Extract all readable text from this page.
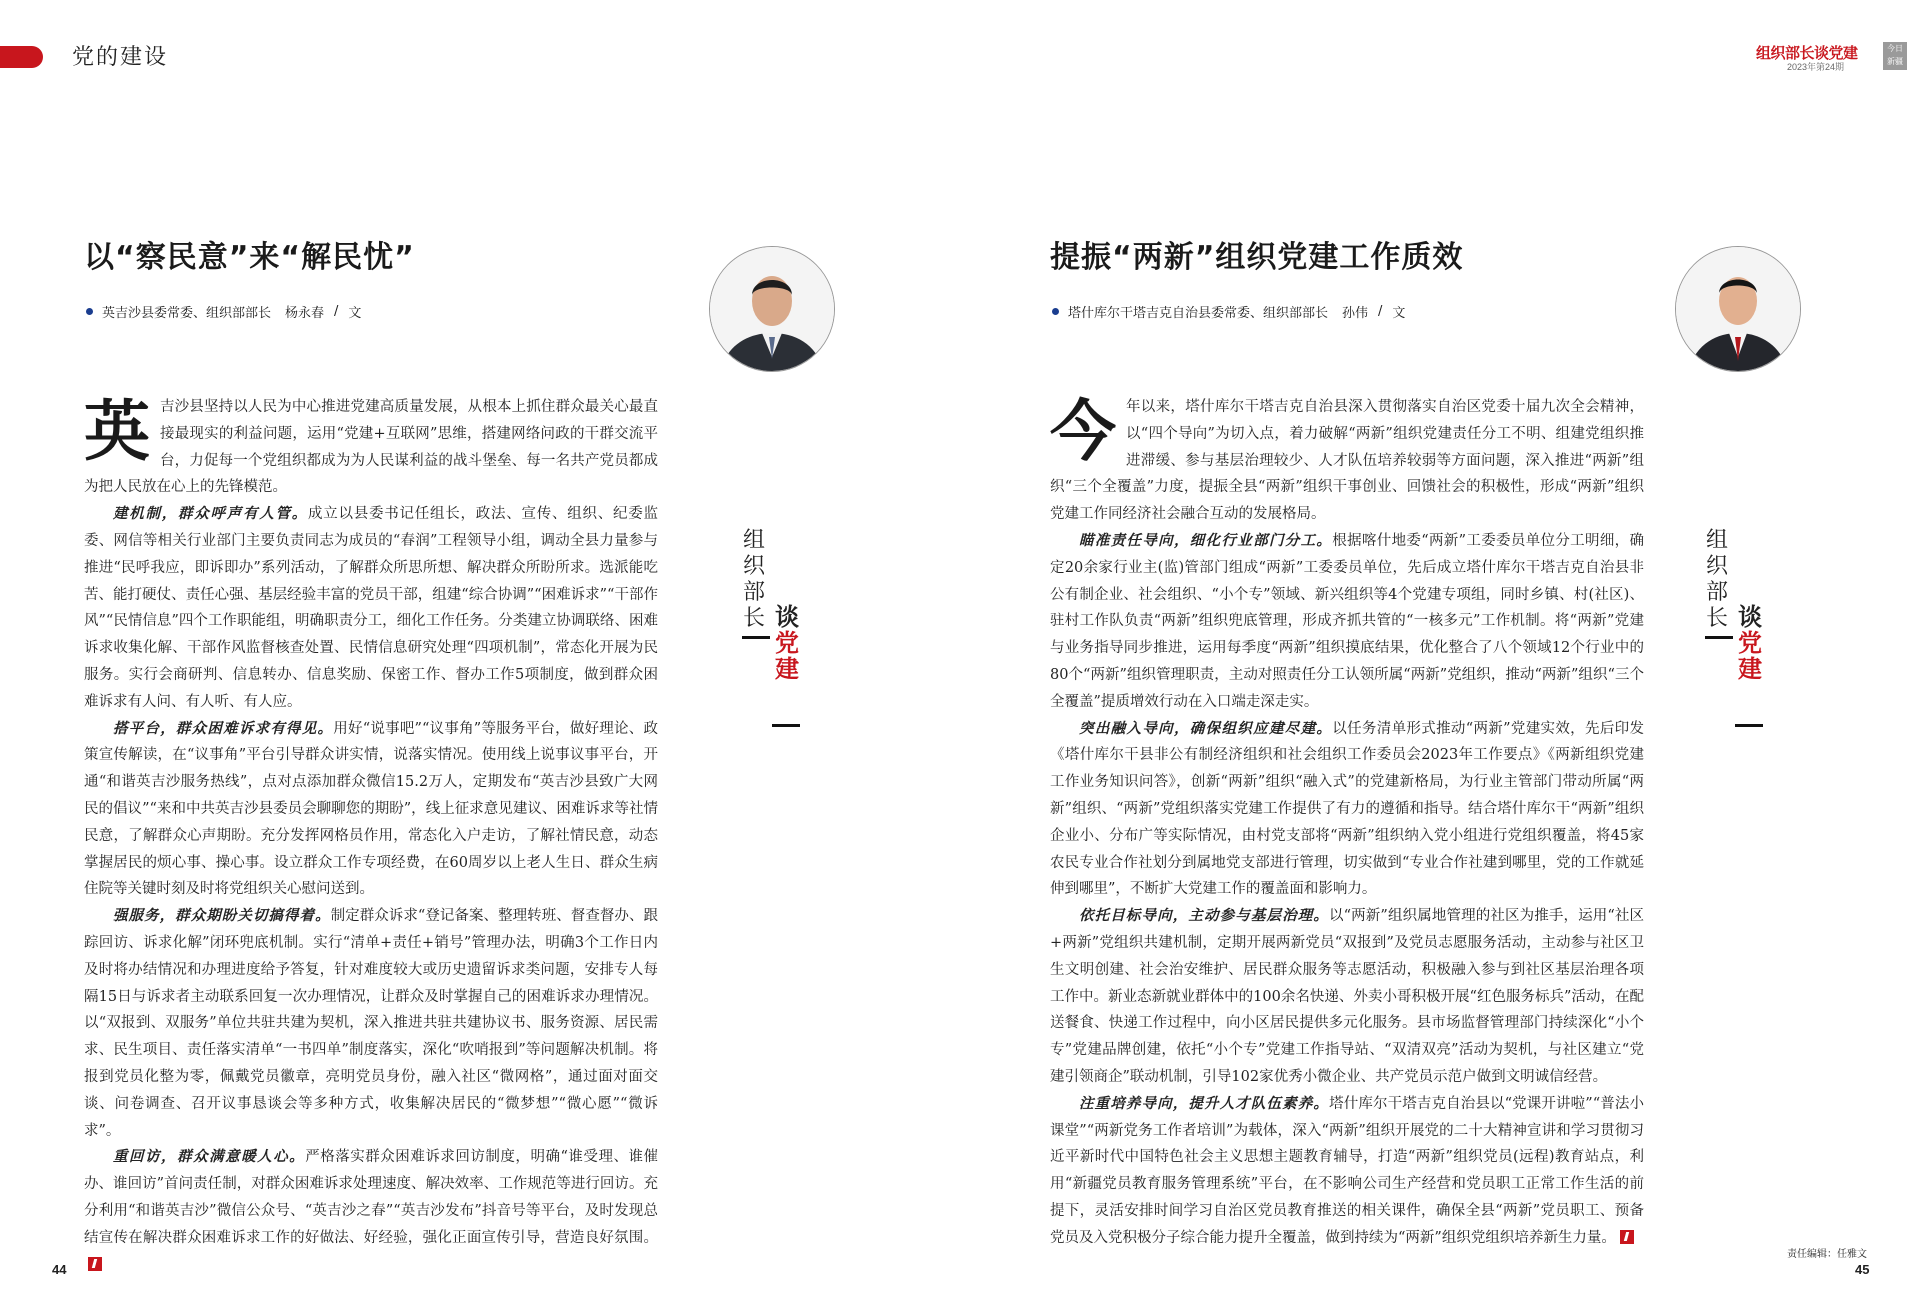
党的建设	组织部长谈党建
2023年第24期
今日 新疆
以“察民意”来“解民忧”
英吉沙县委常委、组织部部长 杨永春 / 文

英吉沙县坚持以人民为中心推进党建高质量发展，从根本上抓住群众最关心最直接最现实的利益问题，运用“党建+互联网”思维，搭建网络问政的干群交流平台，力促每一个党组织都成为为人民谋利益的战斗堡垒、每一名共产党员都成为把人民放在心上的先锋模范。

建机制，群众呼声有人管。成立以县委书记任组长，政法、宣传、组织、纪委监委、网信等相关行业部门主要负责同志为成员的“春润”工程领导小组，调动全县力量参与推进“民呼我应，即诉即办”系列活动，了解群众所思所想、解决群众所盼所求。选派能吃苦、能打硬仗、责任心强、基层经验丰富的党员干部，组建“综合协调”“困难诉求”“干部作风”“民情信息”四个工作职能组，明确职责分工，细化工作任务。分类建立协调联络、困难诉求收集化解、干部作风监督核查处置、民情信息研究处理“四项机制”，常态化开展为民服务。实行会商研判、信息转办、信息奖励、保密工作、督办工作5项制度，做到群众困难诉求有人问、有人听、有人应。

搭平台，群众困难诉求有得见。用好“说事吧”“议事角”等服务平台，做好理论、政策宣传解读，在“议事角”平台引导群众讲实情，说落实情况。使用线上说事议事平台，开通“和谐英吉沙服务热线”，点对点添加群众微信15.2万人，定期发布“英吉沙县致广大网民的倡议”“来和中共英吉沙县委员会聊聊您的期盼”，线上征求意见建议、困难诉求等社情民意，了解群众心声期盼。充分发挥网格员作用，常态化入户走访，了解社情民意，动态掌握居民的烦心事、操心事。设立群众工作专项经费，在60周岁以上老人生日、群众生病住院等关键时刻及时将党组织关心慰问送到。

强服务，群众期盼关切搞得着。制定群众诉求“登记备案、整理转班、督查督办、跟踪回访、诉求化解”闭环兜底机制。实行“清单+责任+销号”管理办法，明确3个工作日内及时将办结情况和办理进度给予答复，针对难度较大或历史遗留诉求类问题，安排专人每隔15日与诉求者主动联系回复一次办理情况，让群众及时掌握自己的困难诉求办理情况。以“双报到、双服务”单位共驻共建为契机，深入推进共驻共建协议书、服务资源、居民需求、民生项目、责任落实清单“一书四单”制度落实，深化“吹哨报到”等问题解决机制。将报到党员化整为零，佩戴党员徽章，亮明党员身份，融入社区“微网格”，通过面对面交谈、问卷调查、召开议事恳谈会等多种方式，收集解决居民的“微梦想”“微心愿”“微诉求”。

重回访，群众满意暖人心。严格落实群众困难诉求回访制度，明确“谁受理、谁催办、谁回访”首问责任制，对群众困难诉求处理速度、解决效率、工作规范等进行回访。充分利用“和谐英吉沙”微信公众号、“英吉沙之春”“英吉沙发布”抖音号等平台，及时发现总结宣传在解决群众困难诉求工作的好做法、好经验，强化正面宣传引导，营造良好氛围。

组织部长 谈党建
提振“两新”组织党建工作质效
塔什库尔干塔吉克自治县委常委、组织部部长 孙伟 / 文

今年以来，塔什库尔干塔吉克自治县深入贯彻落实自治区党委十届九次全会精神，以“四个导向”为切入点，着力破解“两新”组织党建责任分工不明、组建党组织推进滞缓、参与基层治理较少、人才队伍培养较弱等方面问题，深入推进“两新”组织“三个全覆盖”力度，提振全县“两新”组织干事创业、回馈社会的积极性，形成“两新”组织党建工作同经济社会融合互动的发展格局。

瞄准责任导向，细化行业部门分工。根据喀什地委“两新”工委委员单位分工明细，确定20余家行业主(监)管部门组成“两新”工委委员单位，先后成立塔什库尔干塔吉克自治县非公有制企业、社会组织、“小个专”领域、新兴组织等4个党建专项组，同时乡镇、村(社区)、驻村工作队负责“两新”组织兜底管理，形成齐抓共管的“一核多元”工作机制。将“两新”党建与业务指导同步推进，运用每季度“两新”组织摸底结果，优化整合了八个领域12个行业中的80个“两新”组织管理职责，主动对照责任分工认领所属“两新”党组织，推动“两新”组织“三个全覆盖”提质增效行动在入口端走深走实。

突出融入导向，确保组织应建尽建。以任务清单形式推动“两新”党建实效，先后印发《塔什库尔干县非公有制经济组织和社会组织工作委员会2023年工作要点》《两新组织党建工作业务知识问答》，创新“两新”组织“融入式”的党建新格局，为行业主管部门带动所属“两新”组织、“两新”党组织落实党建工作提供了有力的遵循和指导。结合塔什库尔干“两新”组织企业小、分布广等实际情况，由村党支部将“两新”组织纳入党小组进行党组织覆盖，将45家农民专业合作社划分到属地党支部进行管理，切实做到“专业合作社建到哪里，党的工作就延伸到哪里”，不断扩大党建工作的覆盖面和影响力。

依托目标导向，主动参与基层治理。以“两新”组织属地管理的社区为推手，运用“社区+两新”党组织共建机制，定期开展两新党员“双报到”及党员志愿服务活动，主动参与社区卫生文明创建、社会治安维护、居民群众服务等志愿活动，积极融入参与到社区基层治理各项工作中。新业态新就业群体中的100余名快递、外卖小哥积极开展“红色服务标兵”活动，在配送餐食、快递工作过程中，向小区居民提供多元化服务。县市场监督管理部门持续深化“小个专”党建品牌创建，依托“小个专”党建工作指导站、“双清双亮”活动为契机，与社区建立“党建引领商企”联动机制，引导102家优秀小微企业、共产党员示范户做到文明诚信经营。

注重培养导向，提升人才队伍素养。塔什库尔干塔吉克自治县以“党课开讲啦”“普法小课堂”“两新党务工作者培训”为载体，深入“两新”组织开展党的二十大精神宣讲和学习贯彻习近平新时代中国特色社会主义思想主题教育辅导，打造“两新”组织党员(远程)教育站点，利用“新疆党员教育服务管理系统”平台，在不影响公司生产经营和党员职工正常工作生活的前提下，灵活安排时间学习自治区党员教育推送的相关课件，确保全县“两新”党员职工、预备党员及入党积极分子综合能力提升全覆盖，做到持续为“两新”组织党组织培养新生力量。

组织部长 谈党建
44
责任编辑：任雅文
45
